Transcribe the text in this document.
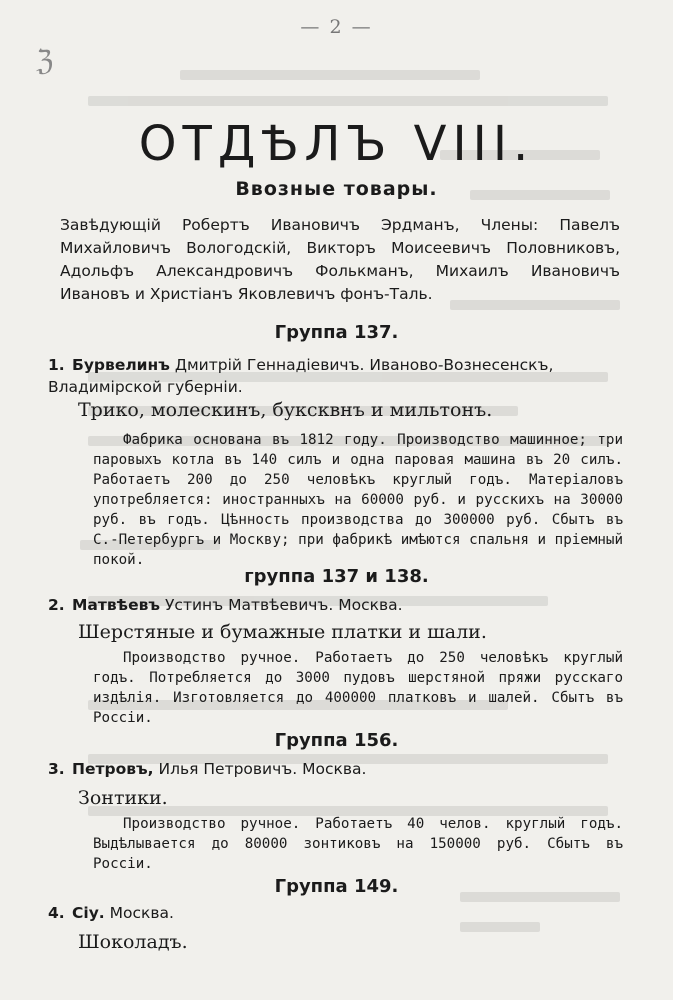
— 2 —
ℨ
ОТДѢЛЪ VIII.
Ввозные товары.
Завѣдующій Робертъ Ивановичъ Эрдманъ, Члены: Павелъ Михайловичъ Вологодскій, Викторъ Моисеевичъ Половниковъ, Адольфъ Александровичъ Фолькманъ, Михаилъ Ивановичъ Ивановъ и Христіанъ Яковлевичъ фонъ-Таль.
Группа 137.
1. Бурвелинъ Дмитрій Геннадіевичъ. Иваново-Вознесенскъ, Владимірской губерніи.
Трико, молескинъ, буксквнъ и мильтонъ.

Фабрика основана въ 1812 году. Производство машинное; три паровыхъ котла въ 140 силъ и одна паровая машина въ 20 силъ. Работаетъ 200 до 250 человѣкъ круглый годъ. Матеріаловъ употребляется: иностранныхъ на 60000 руб. и русскихъ на 30000 руб. въ годъ. Цѣнность производства до 300000 руб. Сбытъ въ С.-Петербургъ и Москву; при фабрикѣ имѣются спальня и пріемный покой.

группа 137 и 138.
2. Матвѣевъ Устинъ Матвѣевичъ. Москва.
Шерстяные и бумажные платки и шали.

Производство ручное. Работаетъ до 250 человѣкъ круглый годъ. Потребляется до 3000 пудовъ шерстяной пряжи русскаго издѣлія. Изготовляется до 400000 платковъ и шалей. Сбытъ въ Россіи.

Группа 156.
3. Петровъ, Илья Петровичъ. Москва.
Зонтики.

Производство ручное. Работаетъ 40 челов. круглый годъ. Выдѣлывается до 80000 зонтиковъ на 150000 руб. Сбытъ въ Россіи.

Группа 149.
4. Сіу. Москва.
Шоколадъ.
